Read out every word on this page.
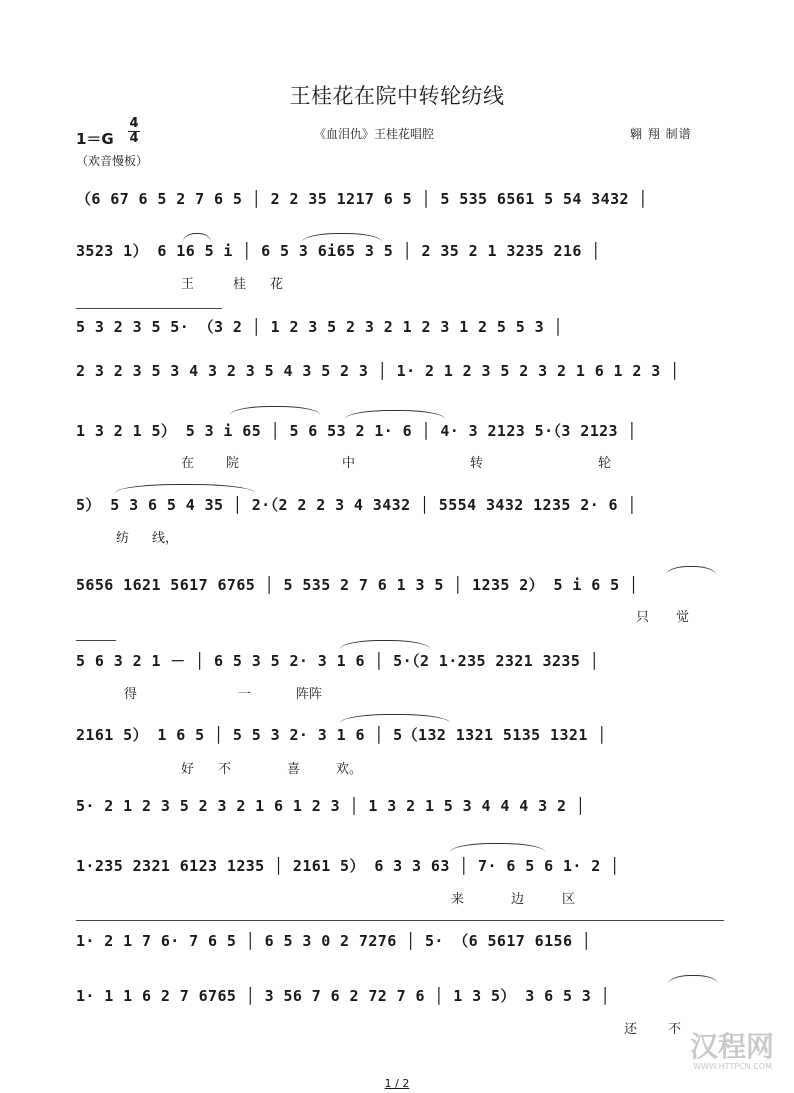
王桂花在院中转轮纺线
1＝G
4
4
（欢音慢板）
《血泪仇》王桂花唱腔	翱 翔 制谱
（6 67 6 5 2 7 6 5 │ 2 2 35 1217 6 5 │ 5 535 6561 5 54 3432 │
3523 1） 6 16 5 i │ 6 5 3 6i65 3 5 │ 2 35 2 1 3235 216 │
5 3 2 3 5 5· （3 2 │ 1 2 3 5 2 3 2 1 2 3 1 2 5 5 3 │
2 3 2 3 5 3 4 3 2 3 5 4 3 5 2 3 │ 1· 2 1 2 3 5 2 3 2 1 6 1 2 3 │
1 3 2 1 5） 5 3 i 65 │ 5 6 53 2 1· 6 │ 4· 3 2123 5·（3 2123 │
5） 5 3 6 5 4 35 │ 2·（2 2 2 3 4 3432 │ 5554 3432 1235 2· 6 │
5656 1621 5617 6765 │ 5 535 2 7 6 1 3 5 │ 1235 2） 5 i 6 5 │
5 6 3 2 1 － │ 6 5 3 5 2· 3 1 6 │ 5·（2 1·235 2321 3235 │
2161 5） 1 6 5 │ 5 5 3 2· 3 1 6 │ 5（132 1321 5135 1321 │
5· 2 1 2 3 5 2 3 2 1 6 1 2 3 │ 1 3 2 1 5 3 4 4 4 3 2 │
1·235 2321 6123 1235 │ 2161 5） 6 3 3 63 │ 7· 6 5 6 1· 2 │
1· 2 1 7 6· 7 6 5 │ 6 5 3 0 2 7276 │ 5· （6 5617 6156 │
1· 1 1 6 2 7 6765 │ 3 56 7 6 2 72 7 6 │ 1 3 5） 3 6 5 3 │
王	桂 花
在 院	中	转	轮
纺 线，
只 觉
得	一	阵阵
好 不	喜	欢。
来	边	区
还 不
汉程网
WWW.HTTPCN.COM
1 / 2
